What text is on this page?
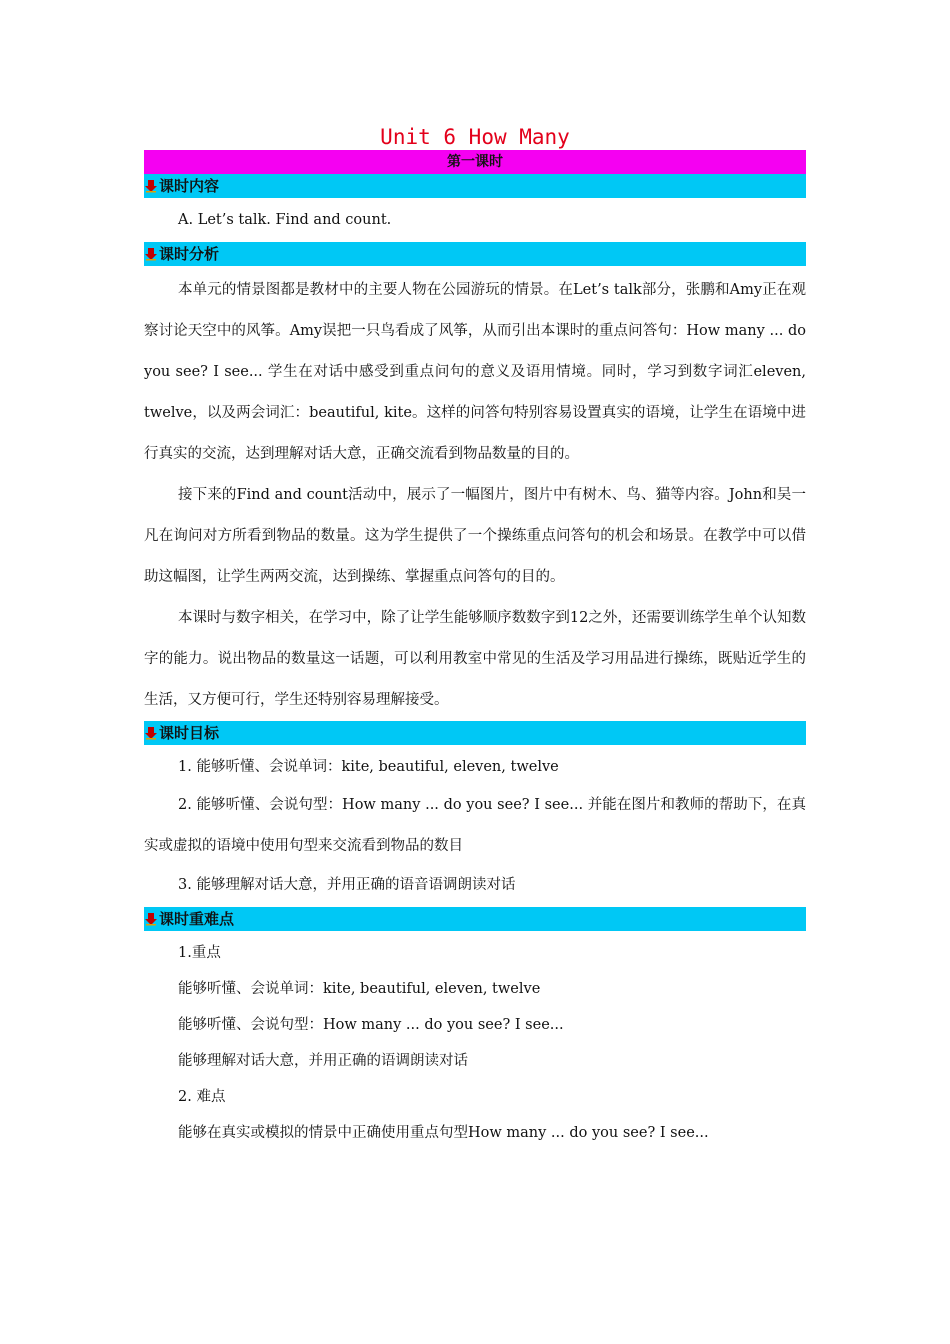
Unit 6 How Many
第一课时
课时内容

A. Let’s talk. Find and count.

课时分析

本单元的情景图都是教材中的主要人物在公园游玩的情景。在Let’s talk部分，张鹏和Amy正在观察讨论天空中的风筝。Amy误把一只鸟看成了风筝，从而引出本课时的重点问答句：How many ... do you see? I see... 学生在对话中感受到重点问句的意义及语用情境。同时，学习到数字词汇eleven, twelve，以及两会词汇：beautiful, kite。这样的问答句特别容易设置真实的语境，让学生在语境中进行真实的交流，达到理解对话大意，正确交流看到物品数量的目的。

接下来的Find and count活动中，展示了一幅图片，图片中有树木、鸟、猫等内容。John和吴一凡在询问对方所看到物品的数量。这为学生提供了一个操练重点问答句的机会和场景。在教学中可以借助这幅图，让学生两两交流，达到操练、掌握重点问答句的目的。

本课时与数字相关，在学习中，除了让学生能够顺序数数字到12之外，还需要训练学生单个认知数字的能力。说出物品的数量这一话题，可以利用教室中常见的生活及学习用品进行操练，既贴近学生的生活，又方便可行，学生还特别容易理解接受。

课时目标

1. 能够听懂、会说单词：kite, beautiful, eleven, twelve

2. 能够听懂、会说句型：How many ... do you see? I see... 并能在图片和教师的帮助下，在真实或虚拟的语境中使用句型来交流看到物品的数目

3. 能够理解对话大意，并用正确的语音语调朗读对话

课时重难点

1.重点

能够听懂、会说单词：kite, beautiful, eleven, twelve

能够听懂、会说句型：How many ... do you see? I see...

能够理解对话大意，并用正确的语调朗读对话

2. 难点

能够在真实或模拟的情景中正确使用重点句型How many ... do you see? I see...
